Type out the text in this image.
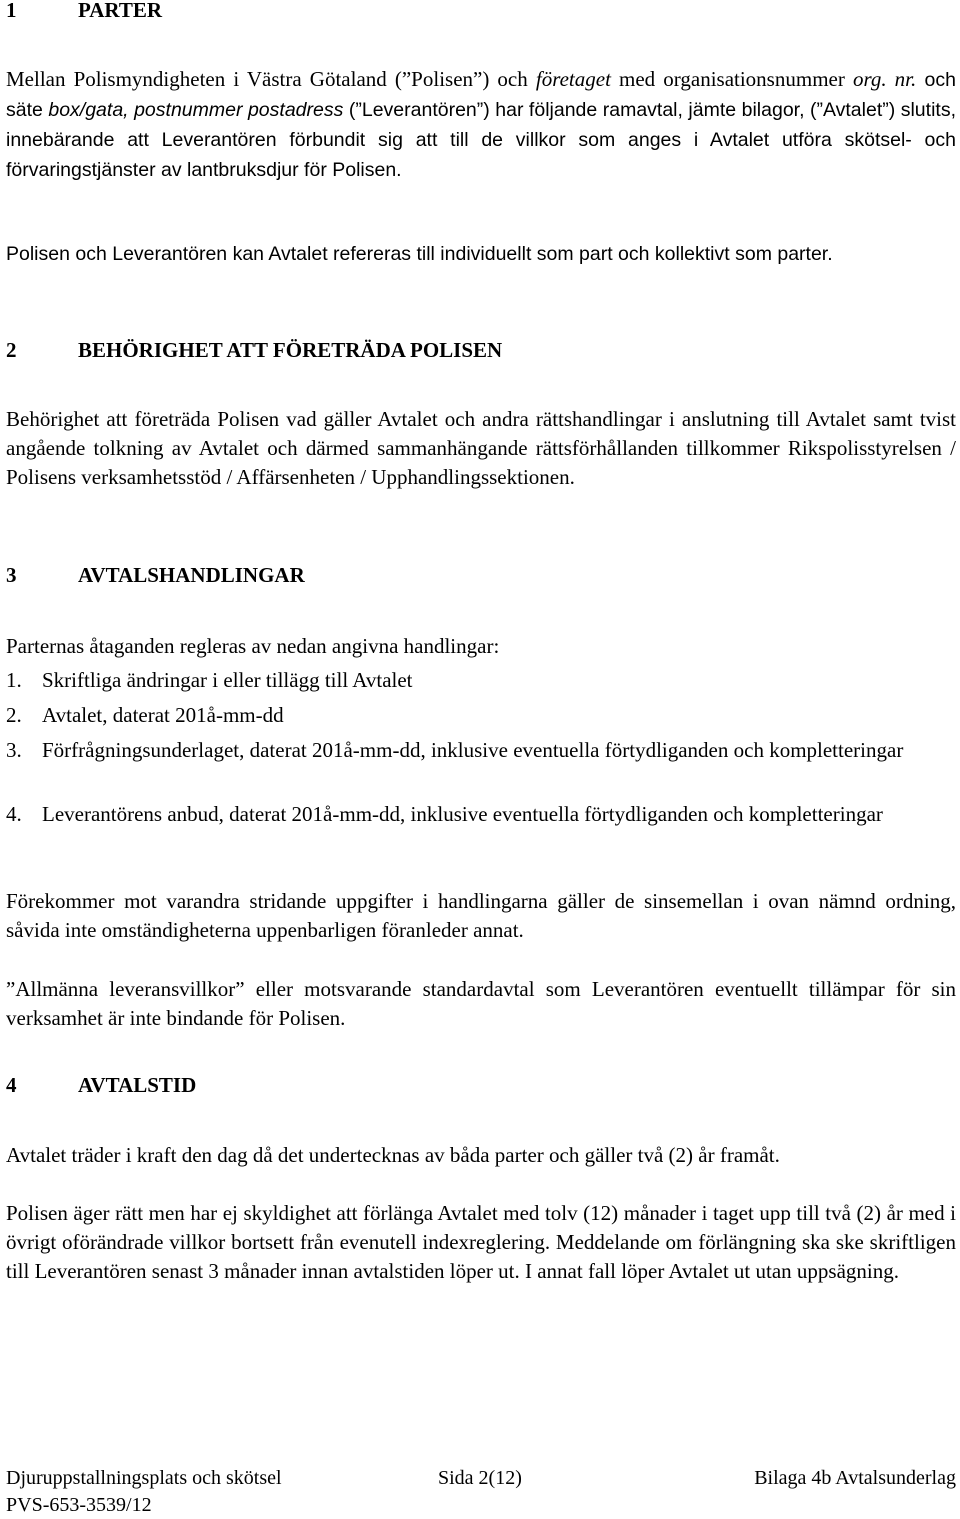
1	PARTER
Mellan Polismyndigheten i Västra Götaland (”Polisen”) och företaget med organisationsnummer org. nr. och säte box/gata, postnummer postadress (”Leverantören”) har följande ramavtal, jämte bilagor, (”Avtalet”) slutits, innebärande att Leverantören förbundit sig att till de villkor som anges i Avtalet utföra skötsel- och förvaringstjänster av lantbruksdjur för Polisen.
Polisen och Leverantören kan Avtalet refereras till individuellt som part och kollektivt som parter.
2	BEHÖRIGHET ATT FÖRETRÄDA POLISEN
Behörighet att företräda Polisen vad gäller Avtalet och andra rättshandlingar i anslutning till Avtalet samt tvist angående tolkning av Avtalet och därmed sammanhängande rättsförhållanden tillkommer Rikspolisstyrelsen / Polisens verksamhetsstöd / Affärsenheten / Upphandlingssektionen.
3	AVTALSHANDLINGAR
Parternas åtaganden regleras av nedan angivna handlingar:
1. Skriftliga ändringar i eller tillägg till Avtalet
2. Avtalet, daterat 201å-mm-dd
3. Förfrågningsunderlaget, daterat 201å-mm-dd, inklusive eventuella förtydliganden och kompletteringar
4. Leverantörens anbud, daterat 201å-mm-dd, inklusive eventuella förtydliganden och kompletteringar
Förekommer mot varandra stridande uppgifter i handlingarna gäller de sinsemellan i ovan nämnd ordning, såvida inte omständigheterna uppenbarligen föranleder annat.
”Allmänna leveransvillkor” eller motsvarande standardavtal som Leverantören eventuellt tillämpar för sin verksamhet är inte bindande för Polisen.
4	AVTALSTID
Avtalet träder i kraft den dag då det undertecknas av båda parter och gäller två (2) år framåt.
Polisen äger rätt men har ej skyldighet att förlänga Avtalet med tolv (12) månader i taget upp till två (2) år med i övrigt oförändrade villkor bortsett från evenutell indexreglering. Meddelande om förlängning ska ske skriftligen till Leverantören senast 3 månader innan avtalstiden löper ut. I annat fall löper Avtalet ut utan uppsägning.
Djuruppstallningsplats och skötsel	Sida 2(12)	Bilaga 4b Avtalsunderlag
PVS-653-3539/12
